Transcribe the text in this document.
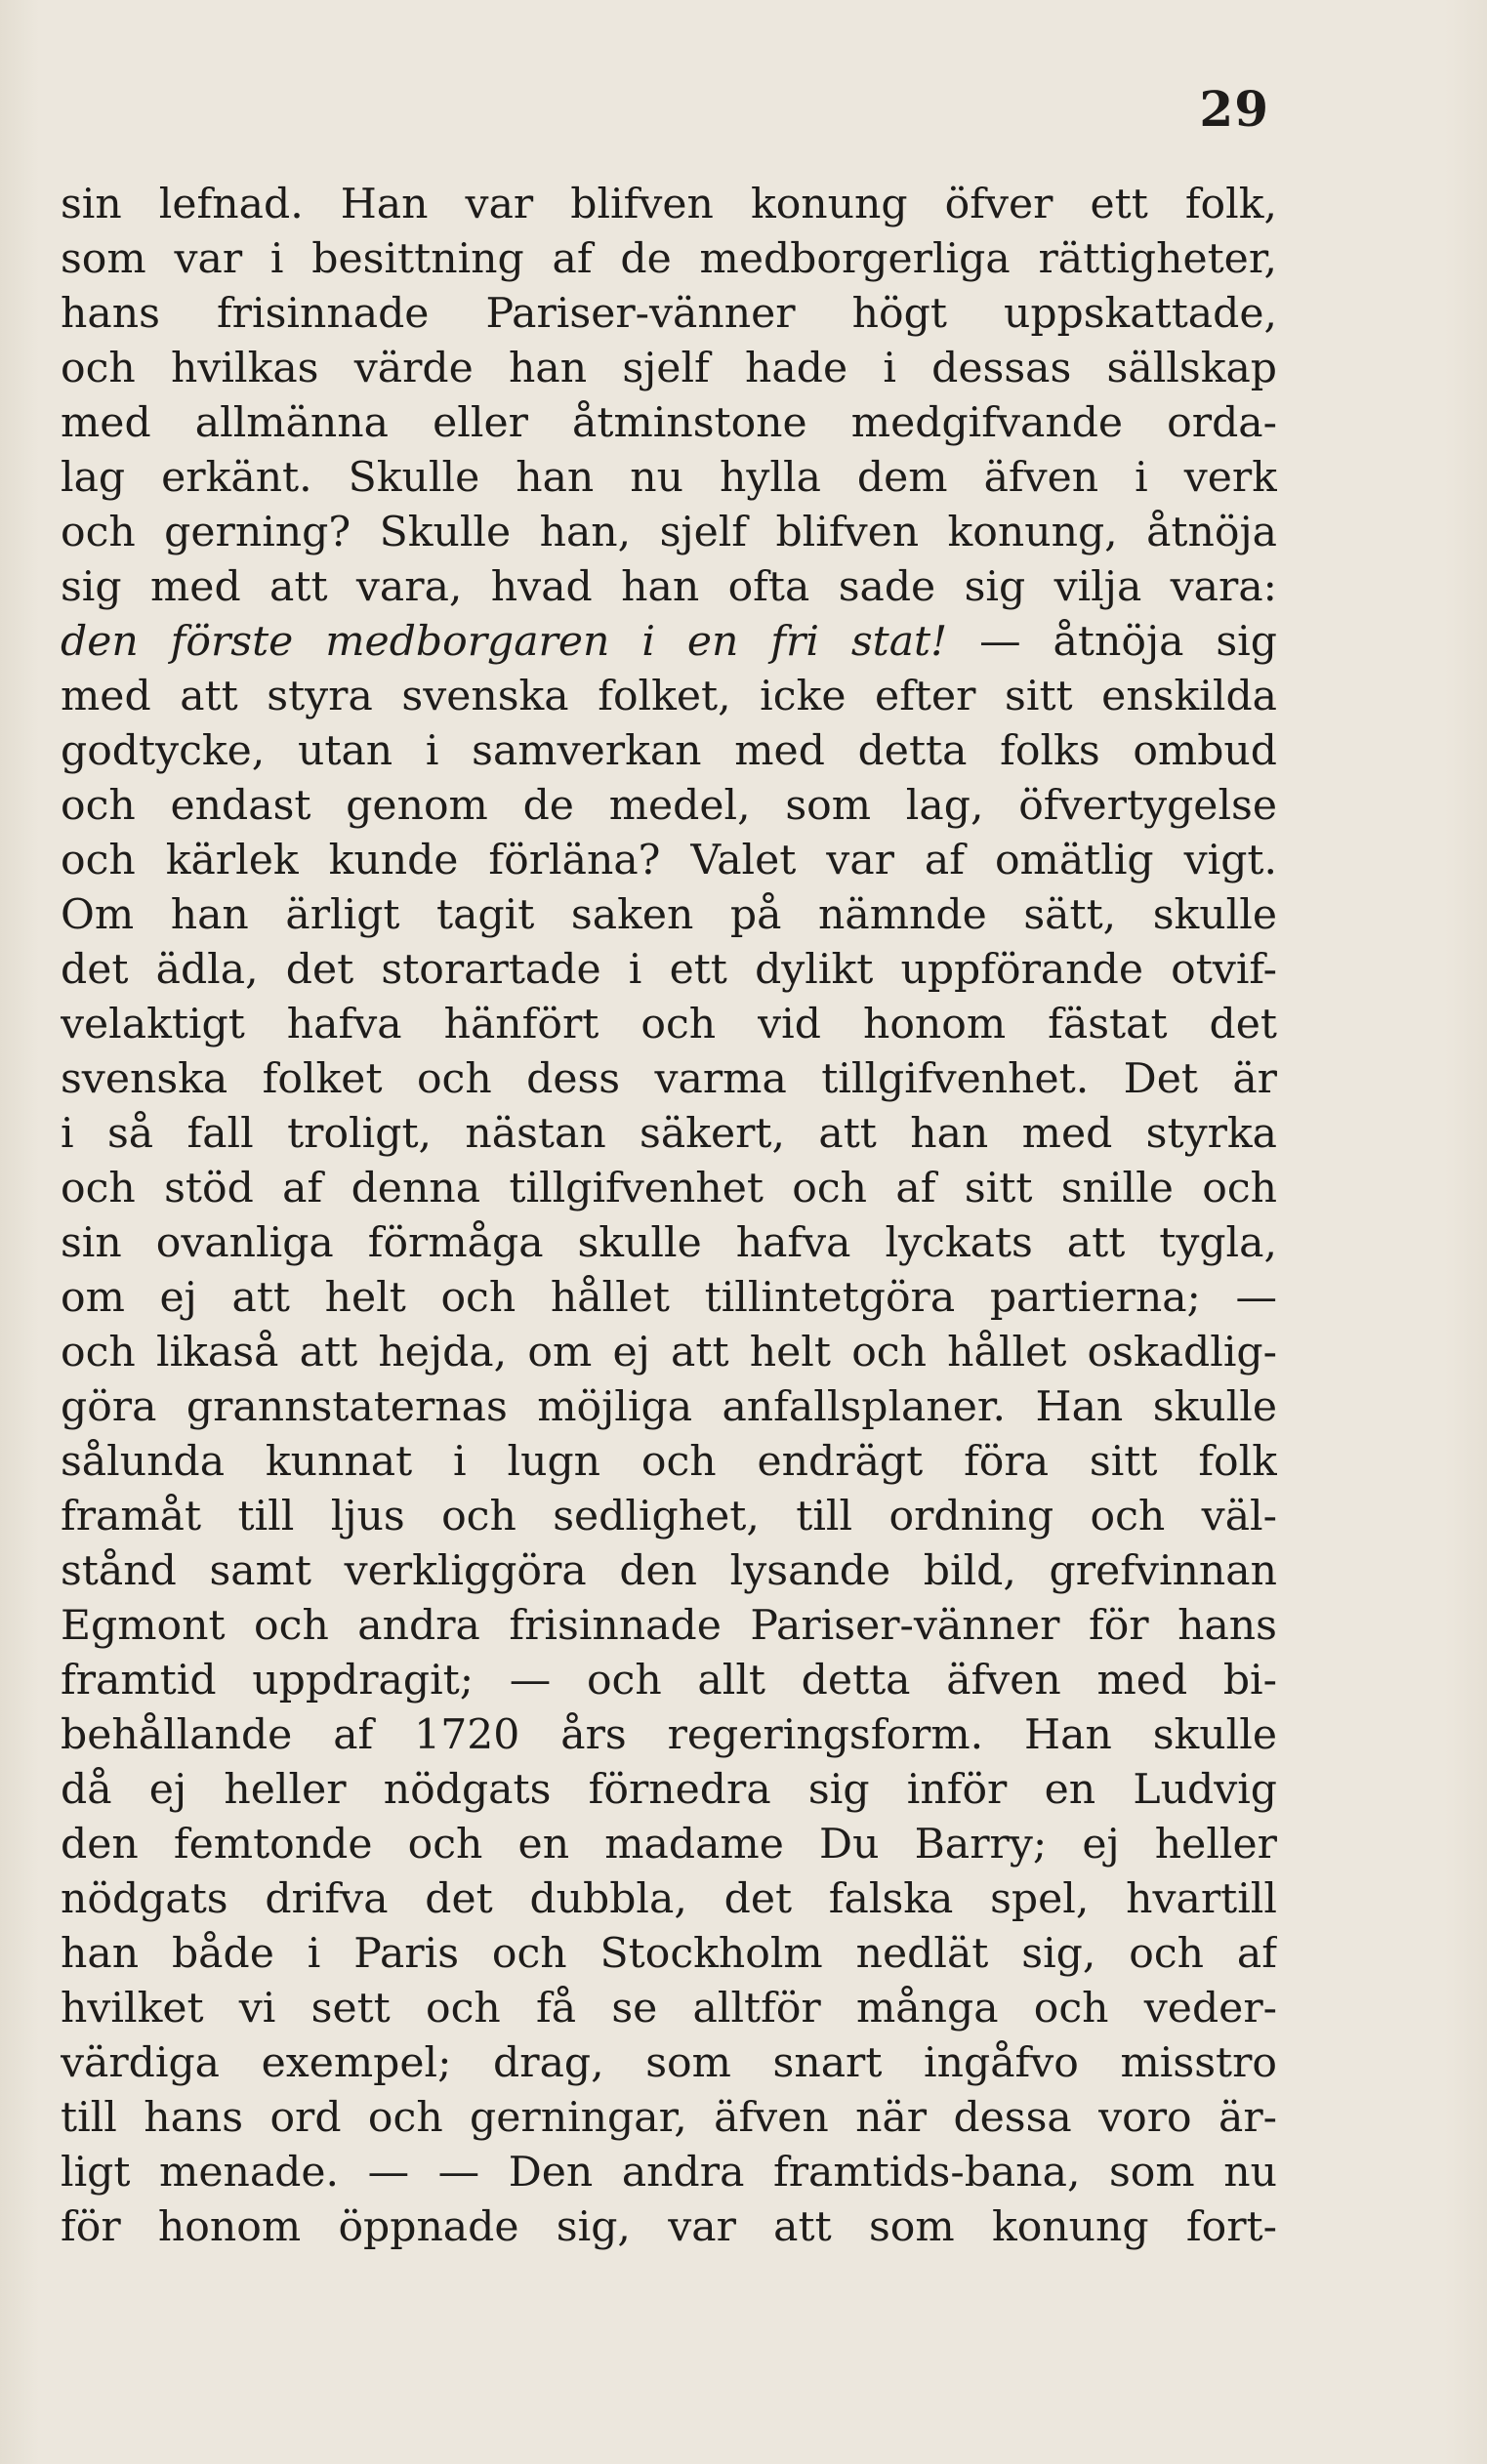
29
sin lefnad. Han var blifven konung öfver ett folk,
som var i besittning af de medborgerliga rättigheter,
hans frisinnade Pariser-vänner högt uppskattade,
och hvilkas värde han sjelf hade i dessas sällskap
med allmänna eller åtminstone medgifvande orda-
lag erkänt. Skulle han nu hylla dem äfven i verk
och gerning? Skulle han, sjelf blifven konung, åtnöja
sig med att vara, hvad han ofta sade sig vilja vara:
den förste medborgaren i en fri stat! — åtnöja sig
med att styra svenska folket, icke efter sitt enskilda
godtycke, utan i samverkan med detta folks ombud
och endast genom de medel, som lag, öfvertygelse
och kärlek kunde förläna? Valet var af omätlig vigt.
Om han ärligt tagit saken på nämnde sätt, skulle
det ädla, det storartade i ett dylikt uppförande otvif-
velaktigt hafva hänfört och vid honom fästat det
svenska folket och dess varma tillgifvenhet. Det är
i så fall troligt, nästan säkert, att han med styrka
och stöd af denna tillgifvenhet och af sitt snille och
sin ovanliga förmåga skulle hafva lyckats att tygla,
om ej att helt och hållet tillintetgöra partierna; —
och likaså att hejda, om ej att helt och hållet oskadlig-
göra grannstaternas möjliga anfallsplaner. Han skulle
sålunda kunnat i lugn och endrägt föra sitt folk
framåt till ljus och sedlighet, till ordning och väl-
stånd samt verkliggöra den lysande bild, grefvinnan
Egmont och andra frisinnade Pariser-vänner för hans
framtid uppdragit; — och allt detta äfven med bi-
behållande af 1720 års regeringsform. Han skulle
då ej heller nödgats förnedra sig inför en Ludvig
den femtonde och en madame Du Barry; ej heller
nödgats drifva det dubbla, det falska spel, hvartill
han både i Paris och Stockholm nedlät sig, och af
hvilket vi sett och få se alltför många och veder-
värdiga exempel; drag, som snart ingåfvo misstro
till hans ord och gerningar, äfven när dessa voro är-
ligt menade. — — Den andra framtids-bana, som nu
för honom öppnade sig, var att som konung fort-
